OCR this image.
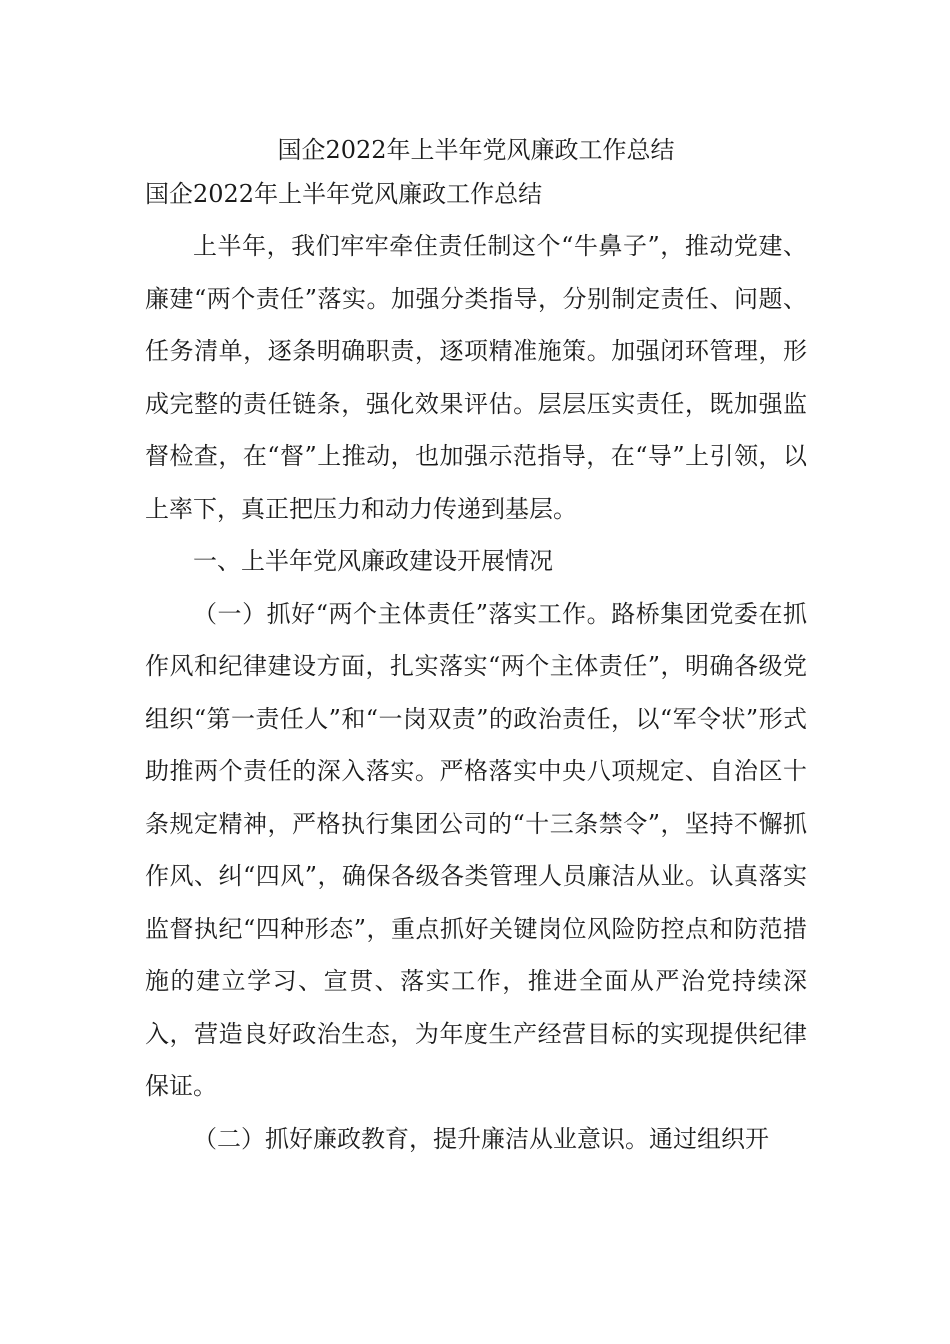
国企2022年上半年党风廉政工作总结
国企2022年上半年党风廉政工作总结

上半年，我们牢牢牵住责任制这个“牛鼻子”，推动党建、廉建“两个责任”落实。加强分类指导，分别制定责任、问题、任务清单，逐条明确职责，逐项精准施策。加强闭环管理，形成完整的责任链条，强化效果评估。层层压实责任，既加强监督检查，在“督”上推动，也加强示范指导，在“导”上引领，以上率下，真正把压力和动力传递到基层。

一、上半年党风廉政建设开展情况

（一）抓好“两个主体责任”落实工作。路桥集团党委在抓作风和纪律建设方面，扎实落实“两个主体责任”，明确各级党组织“第一责任人”和“一岗双责”的政治责任，以“军令状”形式助推两个责任的深入落实。严格落实中央八项规定、自治区十条规定精神，严格执行集团公司的“十三条禁令”，坚持不懈抓作风、纠“四风”，确保各级各类管理人员廉洁从业。认真落实监督执纪“四种形态”，重点抓好关键岗位风险防控点和防范措施的建立学习、宣贯、落实工作，推进全面从严治党持续深入，营造良好政治生态，为年度生产经营目标的实现提供纪律保证。

（二）抓好廉政教育，提升廉洁从业意识。通过组织开
